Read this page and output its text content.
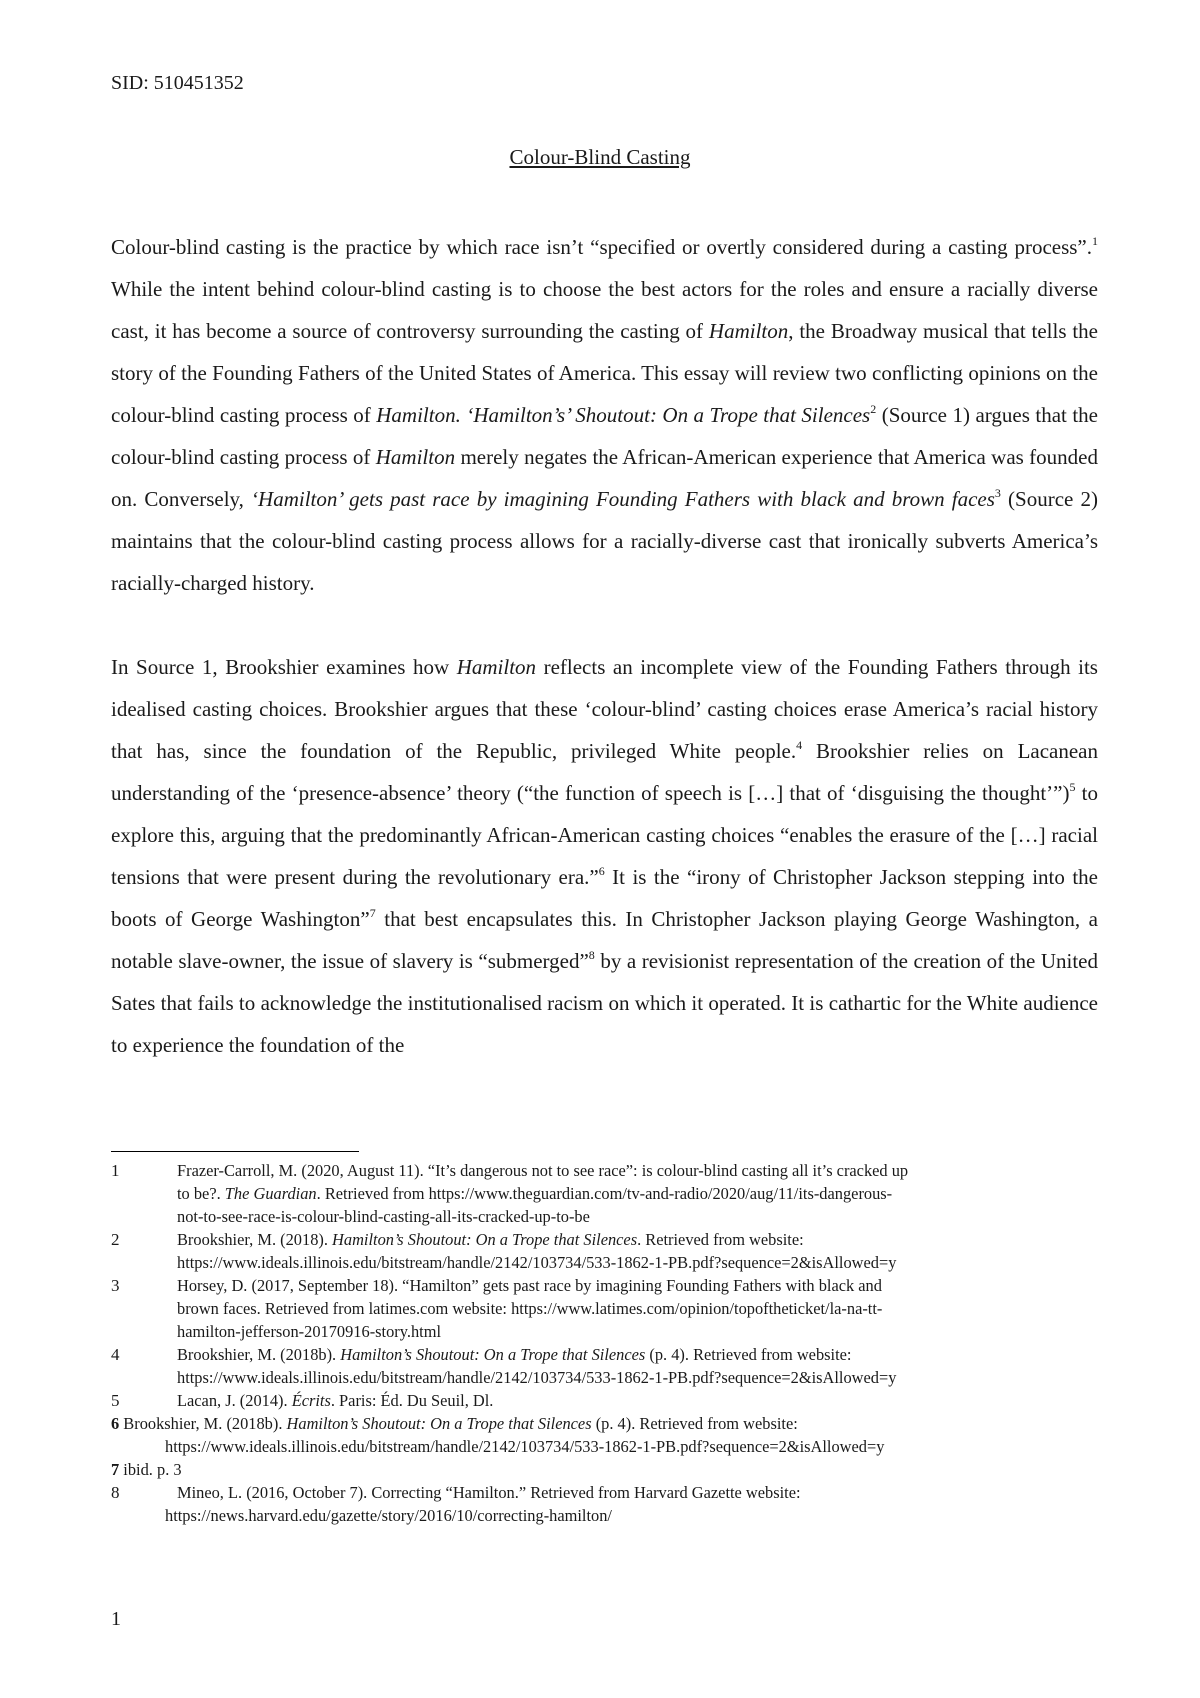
SID: 510451352
Colour-Blind Casting

Colour-blind casting is the practice by which race isn’t “specified or overtly considered during a casting process”.$^1$ While the intent behind colour-blind casting is to choose the best actors for the roles and ensure a racially diverse cast, it has become a source of controversy surrounding the casting of Hamilton, the Broadway musical that tells the story of the Founding Fathers of the United States of America. This essay will review two conflicting opinions on the colour-blind casting process of Hamilton. ‘Hamilton’s’ Shoutout: On a Trope that Silences$^2$ (Source 1) argues that the colour-blind casting process of Hamilton merely negates the African-American experience that America was founded on. Conversely, ‘Hamilton’ gets past race by imagining Founding Fathers with black and brown faces$^3$ (Source 2) maintains that the colour-blind casting process allows for a racially-diverse cast that ironically subverts America’s racially-charged history.

In Source 1, Brookshier examines how Hamilton reflects an incomplete view of the Founding Fathers through its idealised casting choices. Brookshier argues that these ‘colour-blind’ casting choices erase America’s racial history that has, since the foundation of the Republic, privileged White people.$^4$ Brookshier relies on Lacanean understanding of the ‘presence-absence’ theory (“the function of speech is […] that of ‘disguising the thought’”)$^5$ to explore this, arguing that the predominantly African-American casting choices “enables the erasure of the […] racial tensions that were present during the revolutionary era.”$^6$ It is the “irony of Christopher Jackson stepping into the boots of George Washington”$^7$ that best encapsulates this. In Christopher Jackson playing George Washington, a notable slave-owner, the issue of slavery is “submerged”$^8$ by a revisionist representation of the creation of the United Sates that fails to acknowledge the institutionalised racism on which it operated. It is cathartic for the White audience to experience the foundation of the

1	Frazer-Carroll, M. (2020, August 11). “It’s dangerous not to see race”: is colour-blind casting all it’s cracked up
to be?. The Guardian. Retrieved from https://www.theguardian.com/tv-and-radio/2020/aug/11/its-dangerous-
not-to-see-race-is-colour-blind-casting-all-its-cracked-up-to-be
2	Brookshier, M. (2018). Hamilton’s Shoutout: On a Trope that Silences. Retrieved from website:
https://www.ideals.illinois.edu/bitstream/handle/2142/103734/533-1862-1-PB.pdf?sequence=2&isAllowed=y
3	Horsey, D. (2017, September 18). “Hamilton” gets past race by imagining Founding Fathers with black and
brown faces. Retrieved from latimes.com website: https://www.latimes.com/opinion/topoftheticket/la-na-tt-
hamilton-jefferson-20170916-story.html
4	Brookshier, M. (2018b). Hamilton’s Shoutout: On a Trope that Silences (p. 4). Retrieved from website:
https://www.ideals.illinois.edu/bitstream/handle/2142/103734/533-1862-1-PB.pdf?sequence=2&isAllowed=y
5	Lacan, J. (2014). Écrits. Paris: Éd. Du Seuil, Dl.
6 Brookshier, M. (2018b). Hamilton’s Shoutout: On a Trope that Silences (p. 4). Retrieved from website:
https://www.ideals.illinois.edu/bitstream/handle/2142/103734/533-1862-1-PB.pdf?sequence=2&isAllowed=y
7 ibid. p. 3
8	Mineo, L. (2016, October 7). Correcting “Hamilton.” Retrieved from Harvard Gazette website:
https://news.harvard.edu/gazette/story/2016/10/correcting-hamilton/
1
